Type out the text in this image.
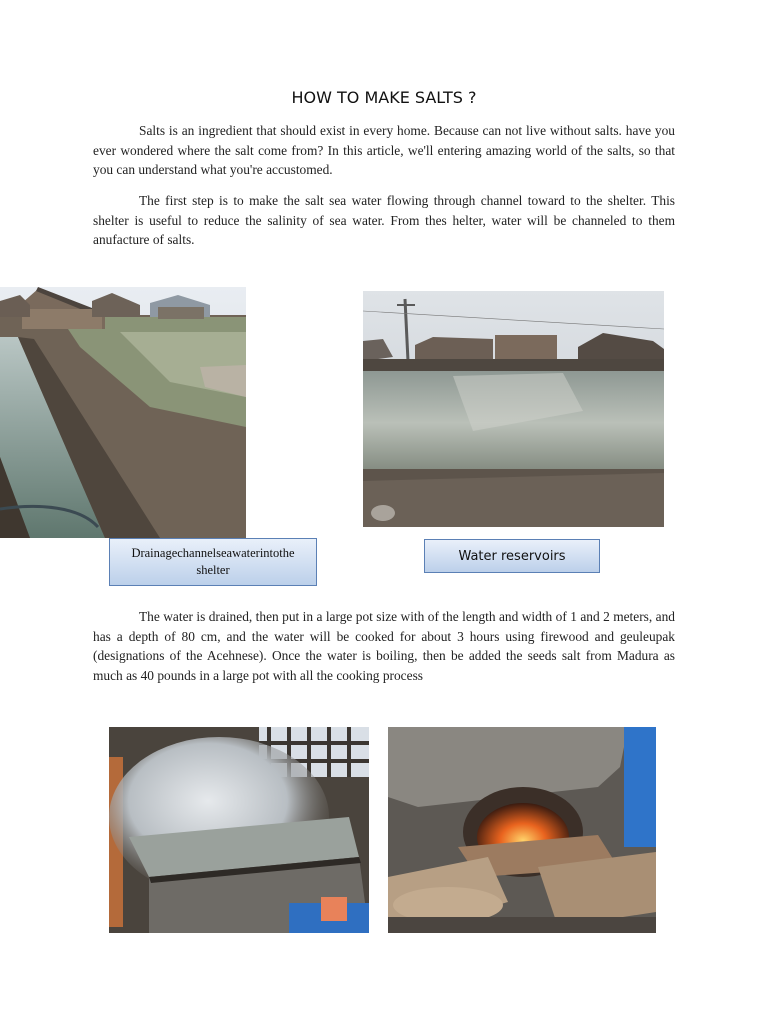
HOW TO MAKE SALTS ?

Salts is an ingredient that should exist in every home. Because can not live without salts. have you ever wondered where the salt come from? In this article, we'll entering amazing world of the salts, so that you can understand what you're accustomed.

The first step is to make the salt sea water flowing through channel toward to the shelter. This shelter is useful to reduce the salinity of sea water. From thes helter, water will be channeled to them anufacture of salts.

Drainagechannelseawaterintothe shelter
Water reservoirs

The water is drained, then put in a large pot size with of the length and width of 1 and 2 meters, and has a depth of 80 cm, and the water will be cooked for about 3 hours using firewood and geuleupak (designations of the Acehnese). Once the water is boiling, then be added the seeds salt from Madura as much as 40 pounds in a large pot with all the cooking process
